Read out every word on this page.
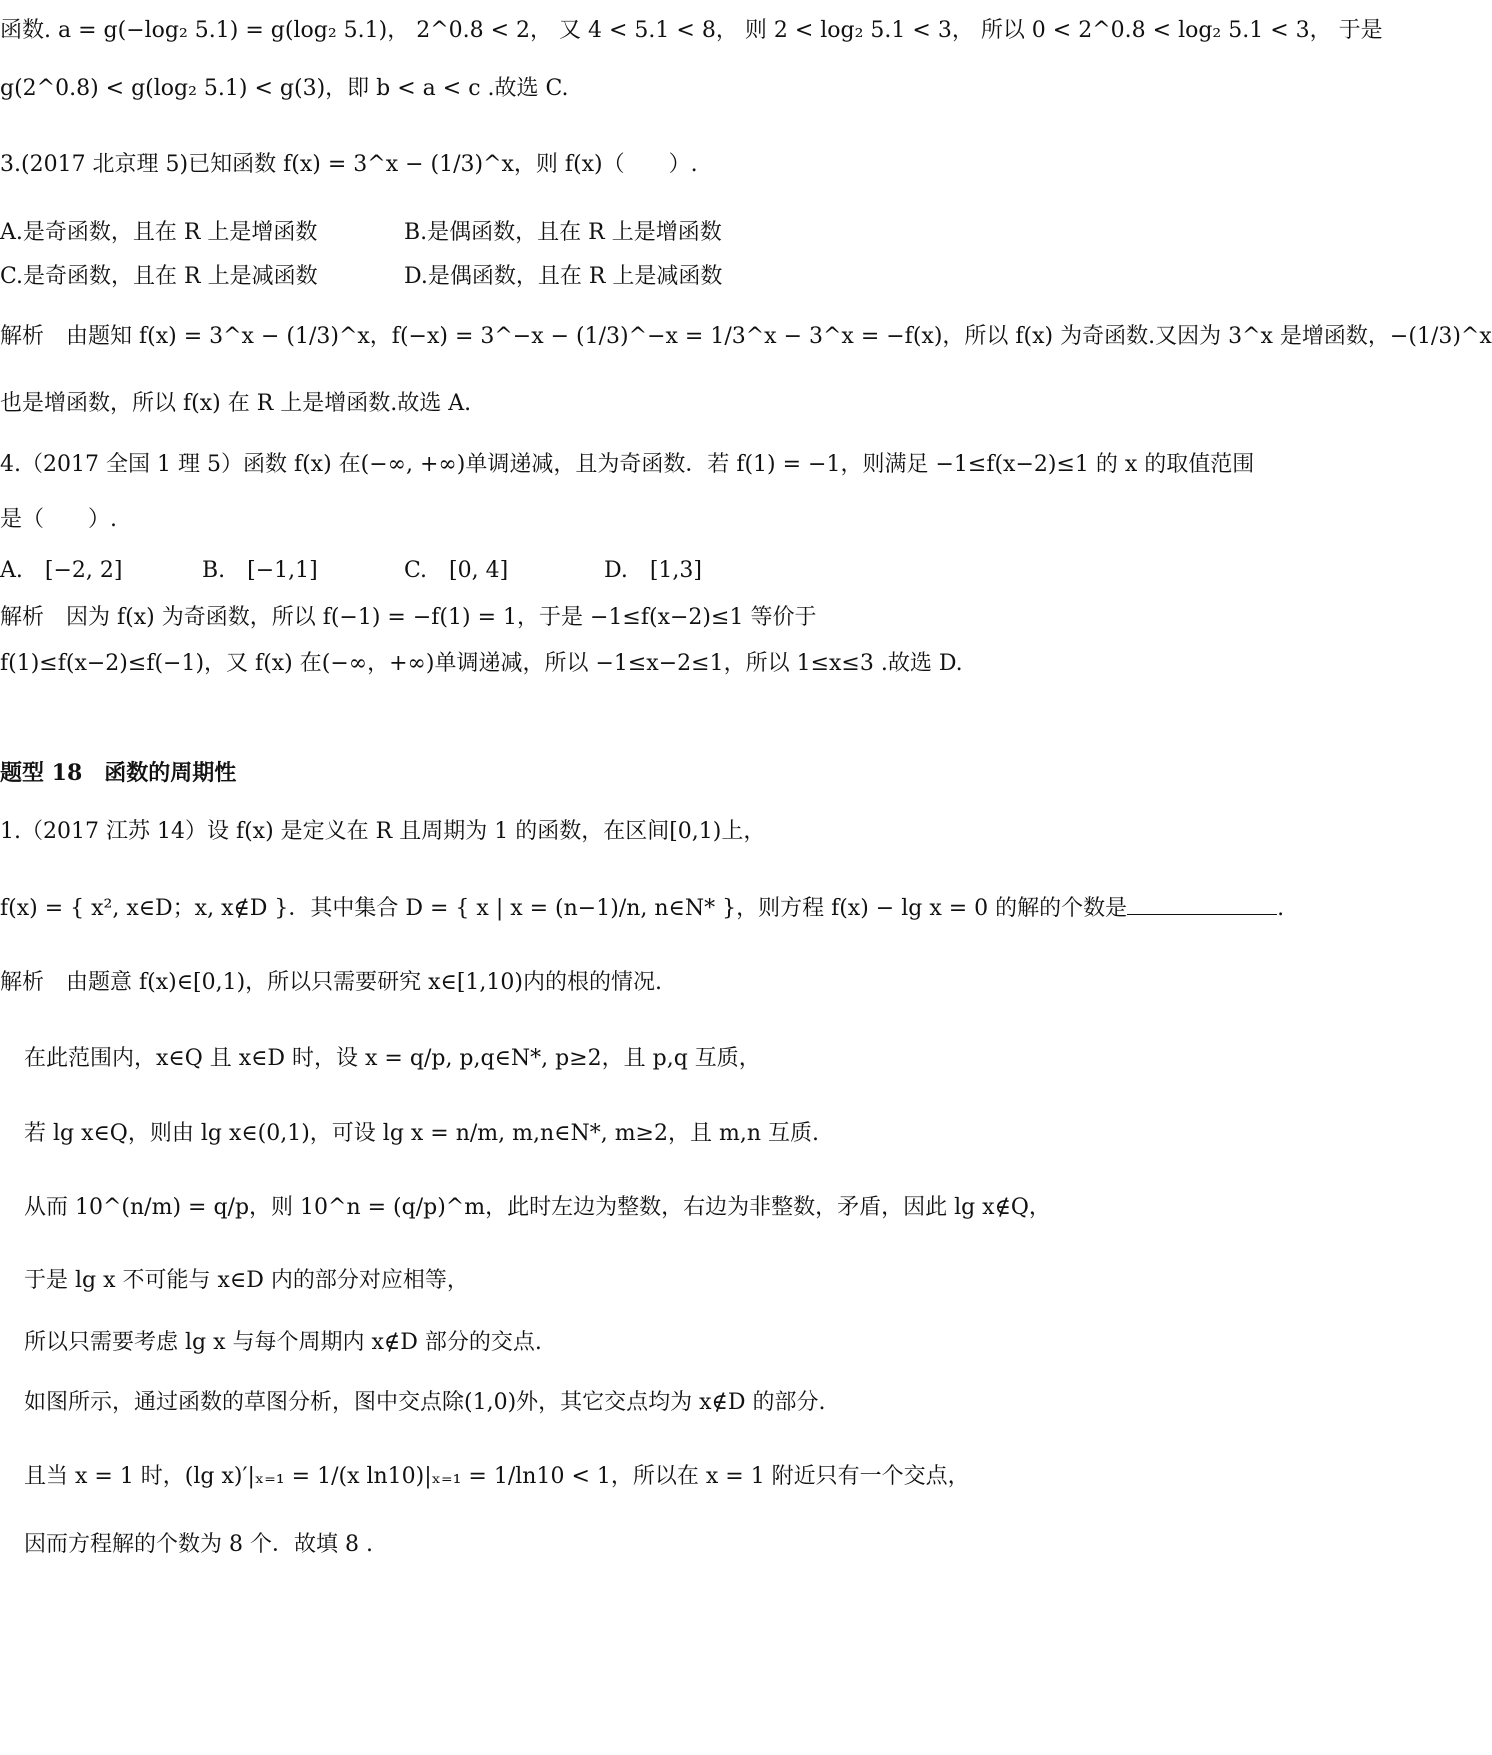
函数. a = g(−log₂ 5.1) = g(log₂ 5.1)， 2^0.8 < 2， 又 4 < 5.1 < 8， 则 2 < log₂ 5.1 < 3， 所以 0 < 2^0.8 < log₂ 5.1 < 3， 于是
g(2^0.8) < g(log₂ 5.1) < g(3)，即 b < a < c .故选 C.
3.(2017 北京理 5)已知函数 f(x) = 3^x − (1/3)^x，则 f(x)（　　）.
A.是奇函数，且在 R 上是增函数	B.是偶函数，且在 R 上是增函数
C.是奇函数，且在 R 上是减函数	D.是偶函数，且在 R 上是减函数
解析　由题知 f(x) = 3^x − (1/3)^x，f(−x) = 3^−x − (1/3)^−x = 1/3^x − 3^x = −f(x)，所以 f(x) 为奇函数.又因为 3^x 是增函数，−(1/3)^x
也是增函数，所以 f(x) 在 R 上是增函数.故选 A.
4.（2017 全国 1 理 5）函数 f(x) 在(−∞, +∞)单调递减，且为奇函数．若 f(1) = −1，则满足 −1≤f(x−2)≤1 的 x 的取值范围
是（　　）.
A.　[−2, 2]	B.　[−1,1]	C.　[0, 4]	D.　[1,3]
解析　因为 f(x) 为奇函数，所以 f(−1) = −f(1) = 1，于是 −1≤f(x−2)≤1 等价于
f(1)≤f(x−2)≤f(−1)，又 f(x) 在(−∞，+∞)单调递减，所以 −1≤x−2≤1，所以 1≤x≤3 .故选 D.
题型 18　函数的周期性
1.（2017 江苏 14）设 f(x) 是定义在 R 且周期为 1 的函数，在区间[0,1)上，
f(x) = { x², x∈D；x, x∉D }．其中集合 D = { x | x = (n−1)/n, n∈N* }，则方程 f(x) − lg x = 0 的解的个数是	.
解析　由题意 f(x)∈[0,1)，所以只需要研究 x∈[1,10)内的根的情况.
在此范围内，x∈Q 且 x∈D 时，设 x = q/p, p,q∈N*, p≥2，且 p,q 互质，
若 lg x∈Q，则由 lg x∈(0,1)，可设 lg x = n/m, m,n∈N*, m≥2，且 m,n 互质.
从而 10^(n/m) = q/p，则 10^n = (q/p)^m，此时左边为整数，右边为非整数，矛盾，因此 lg x∉Q，
于是 lg x 不可能与 x∈D 内的部分对应相等，
所以只需要考虑 lg x 与每个周期内 x∉D 部分的交点.
如图所示，通过函数的草图分析，图中交点除(1,0)外，其它交点均为 x∉D 的部分.
且当 x = 1 时，(lg x)′|ₓ₌₁ = 1/(x ln10)|ₓ₌₁ = 1/ln10 < 1，所以在 x = 1 附近只有一个交点，
因而方程解的个数为 8 个．故填 8 .
